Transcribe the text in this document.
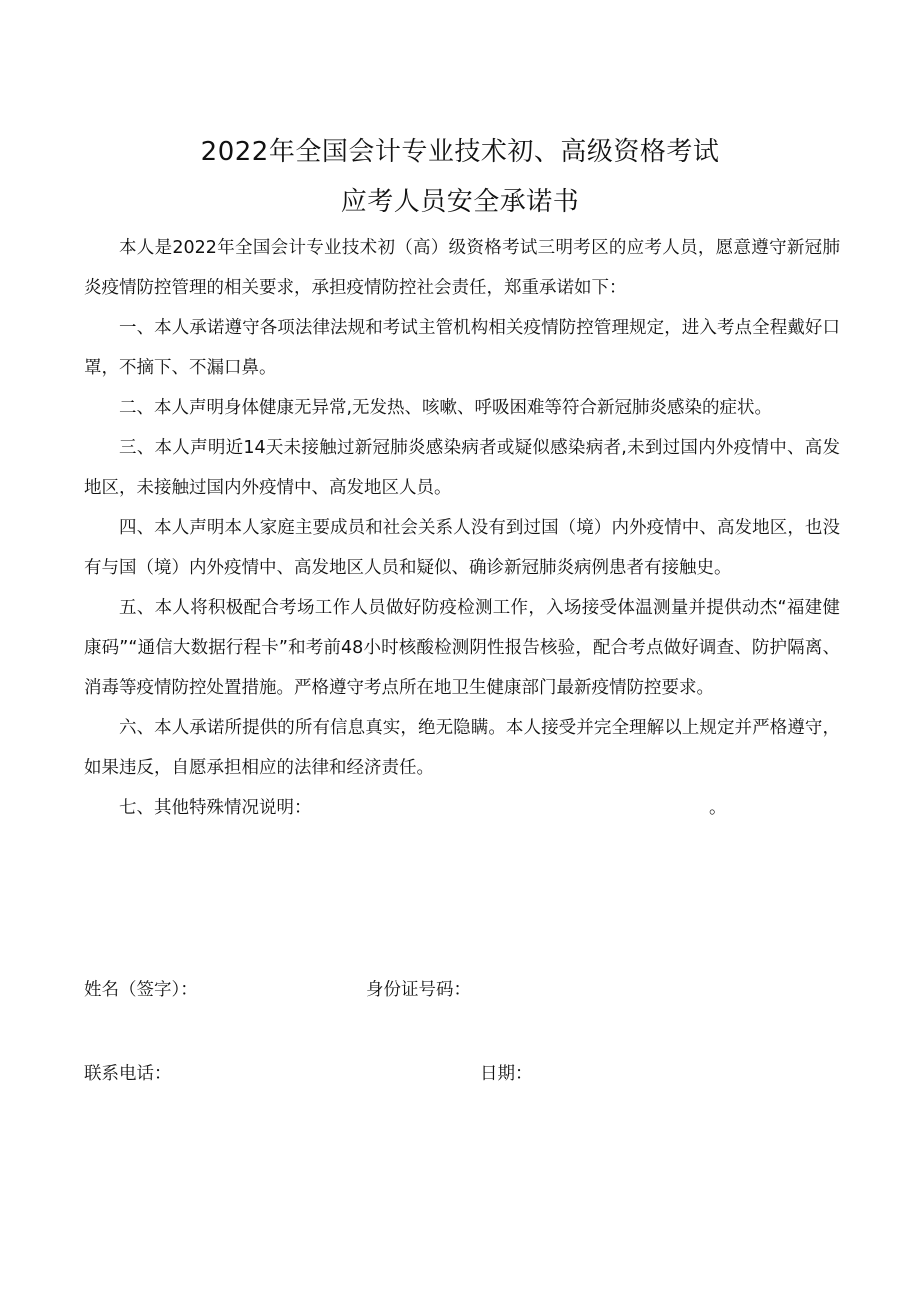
2022年全国会计专业技术初、高级资格考试
应考人员安全承诺书

本人是2022年全国会计专业技术初（高）级资格考试三明考区的应考人员，愿意遵守新冠肺炎疫情防控管理的相关要求，承担疫情防控社会责任，郑重承诺如下：

一、本人承诺遵守各项法律法规和考试主管机构相关疫情防控管理规定，进入考点全程戴好口罩，不摘下、不漏口鼻。

二、本人声明身体健康无异常,无发热、咳嗽、呼吸困难等符合新冠肺炎感染的症状。

三、本人声明近14天未接触过新冠肺炎感染病者或疑似感染病者,未到过国内外疫情中、高发地区，未接触过国内外疫情中、高发地区人员。

四、本人声明本人家庭主要成员和社会关系人没有到过国（境）内外疫情中、高发地区，也没有与国（境）内外疫情中、高发地区人员和疑似、确诊新冠肺炎病例患者有接触史。

五、本人将积极配合考场工作人员做好防疫检测工作，入场接受体温测量并提供动杰“福建健康码”“通信大数据行程卡”和考前48小时核酸检测阴性报告核验，配合考点做好调查、防护隔离、消毒等疫情防控处置措施。严格遵守考点所在地卫生健康部门最新疫情防控要求。

六、本人承诺所提供的所有信息真实，绝无隐瞒。本人接受并完全理解以上规定并严格遵守，如果违反，自愿承担相应的法律和经济责任。

七、其他特殊情况说明：	。

姓名（签字）：	身份证号码：
联系电话：	日期：
